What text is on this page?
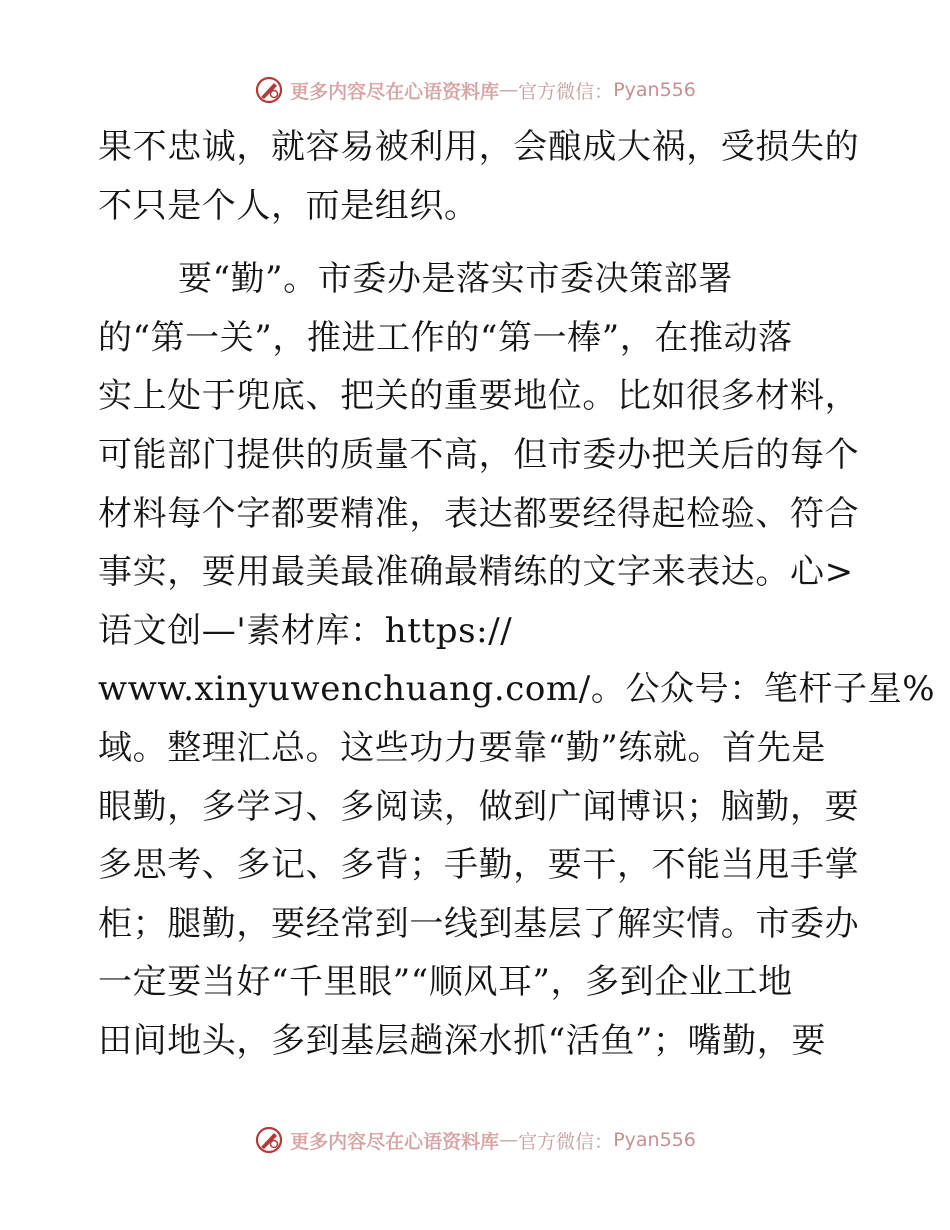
更多内容尽在心语资料库 — 官方微信： Pyan556
果不忠诚，就容易被利用，会酿成大祸，受损失的
不只是个人，而是组织。
要“勤”。市委办是落实市委决策部署
的“第一关”，推进工作的“第一棒”，在推动落
实上处于兜底、把关的重要地位。比如很多材料，
可能部门提供的质量不高，但市委办把关后的每个
材料每个字都要精准，表达都要经得起检验、符合
事实，要用最美最准确最精练的文字来表达。心>
语文创—'素材库：https://
www.xinyuwenchuang.com/。公众号：笔杆子星%
域。整理汇总。这些功力要靠“勤”练就。首先是
眼勤，多学习、多阅读，做到广闻博识；脑勤，要
多思考、多记、多背；手勤，要干，不能当甩手掌
柜；腿勤，要经常到一线到基层了解实情。市委办
一定要当好“千里眼”“顺风耳”，多到企业工地
田间地头，多到基层趟深水抓“活鱼”；嘴勤，要
更多内容尽在心语资料库 — 官方微信： Pyan556
